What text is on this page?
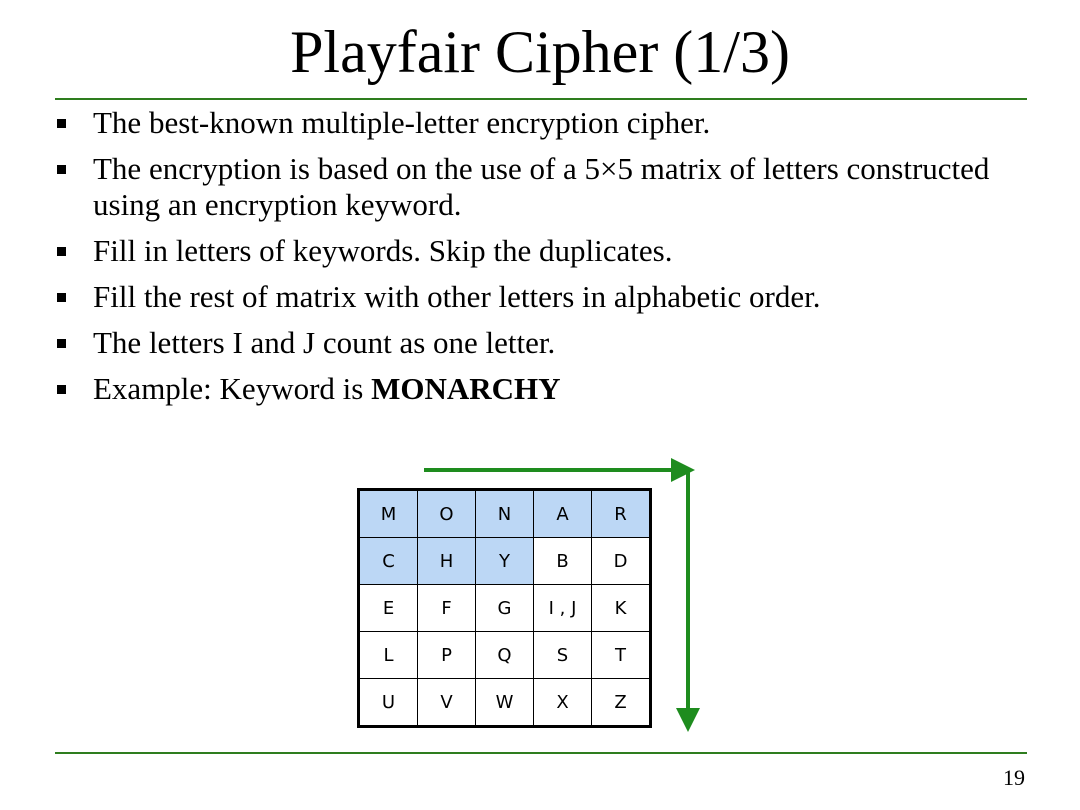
Playfair Cipher (1/3)
The best-known multiple-letter encryption cipher.
The encryption is based on the use of a 5×5 matrix of letters constructed using an encryption keyword.
Fill in letters of keywords. Skip the duplicates.
Fill the rest of matrix with other letters in alphabetic order.
The letters I and J count as one letter.
Example: Keyword is MONARCHY
M	O	N	A	R
C	H	Y	B	D
E	F	G	I , J	K
L	P	Q	S	T
U	V	W	X	Z
19
